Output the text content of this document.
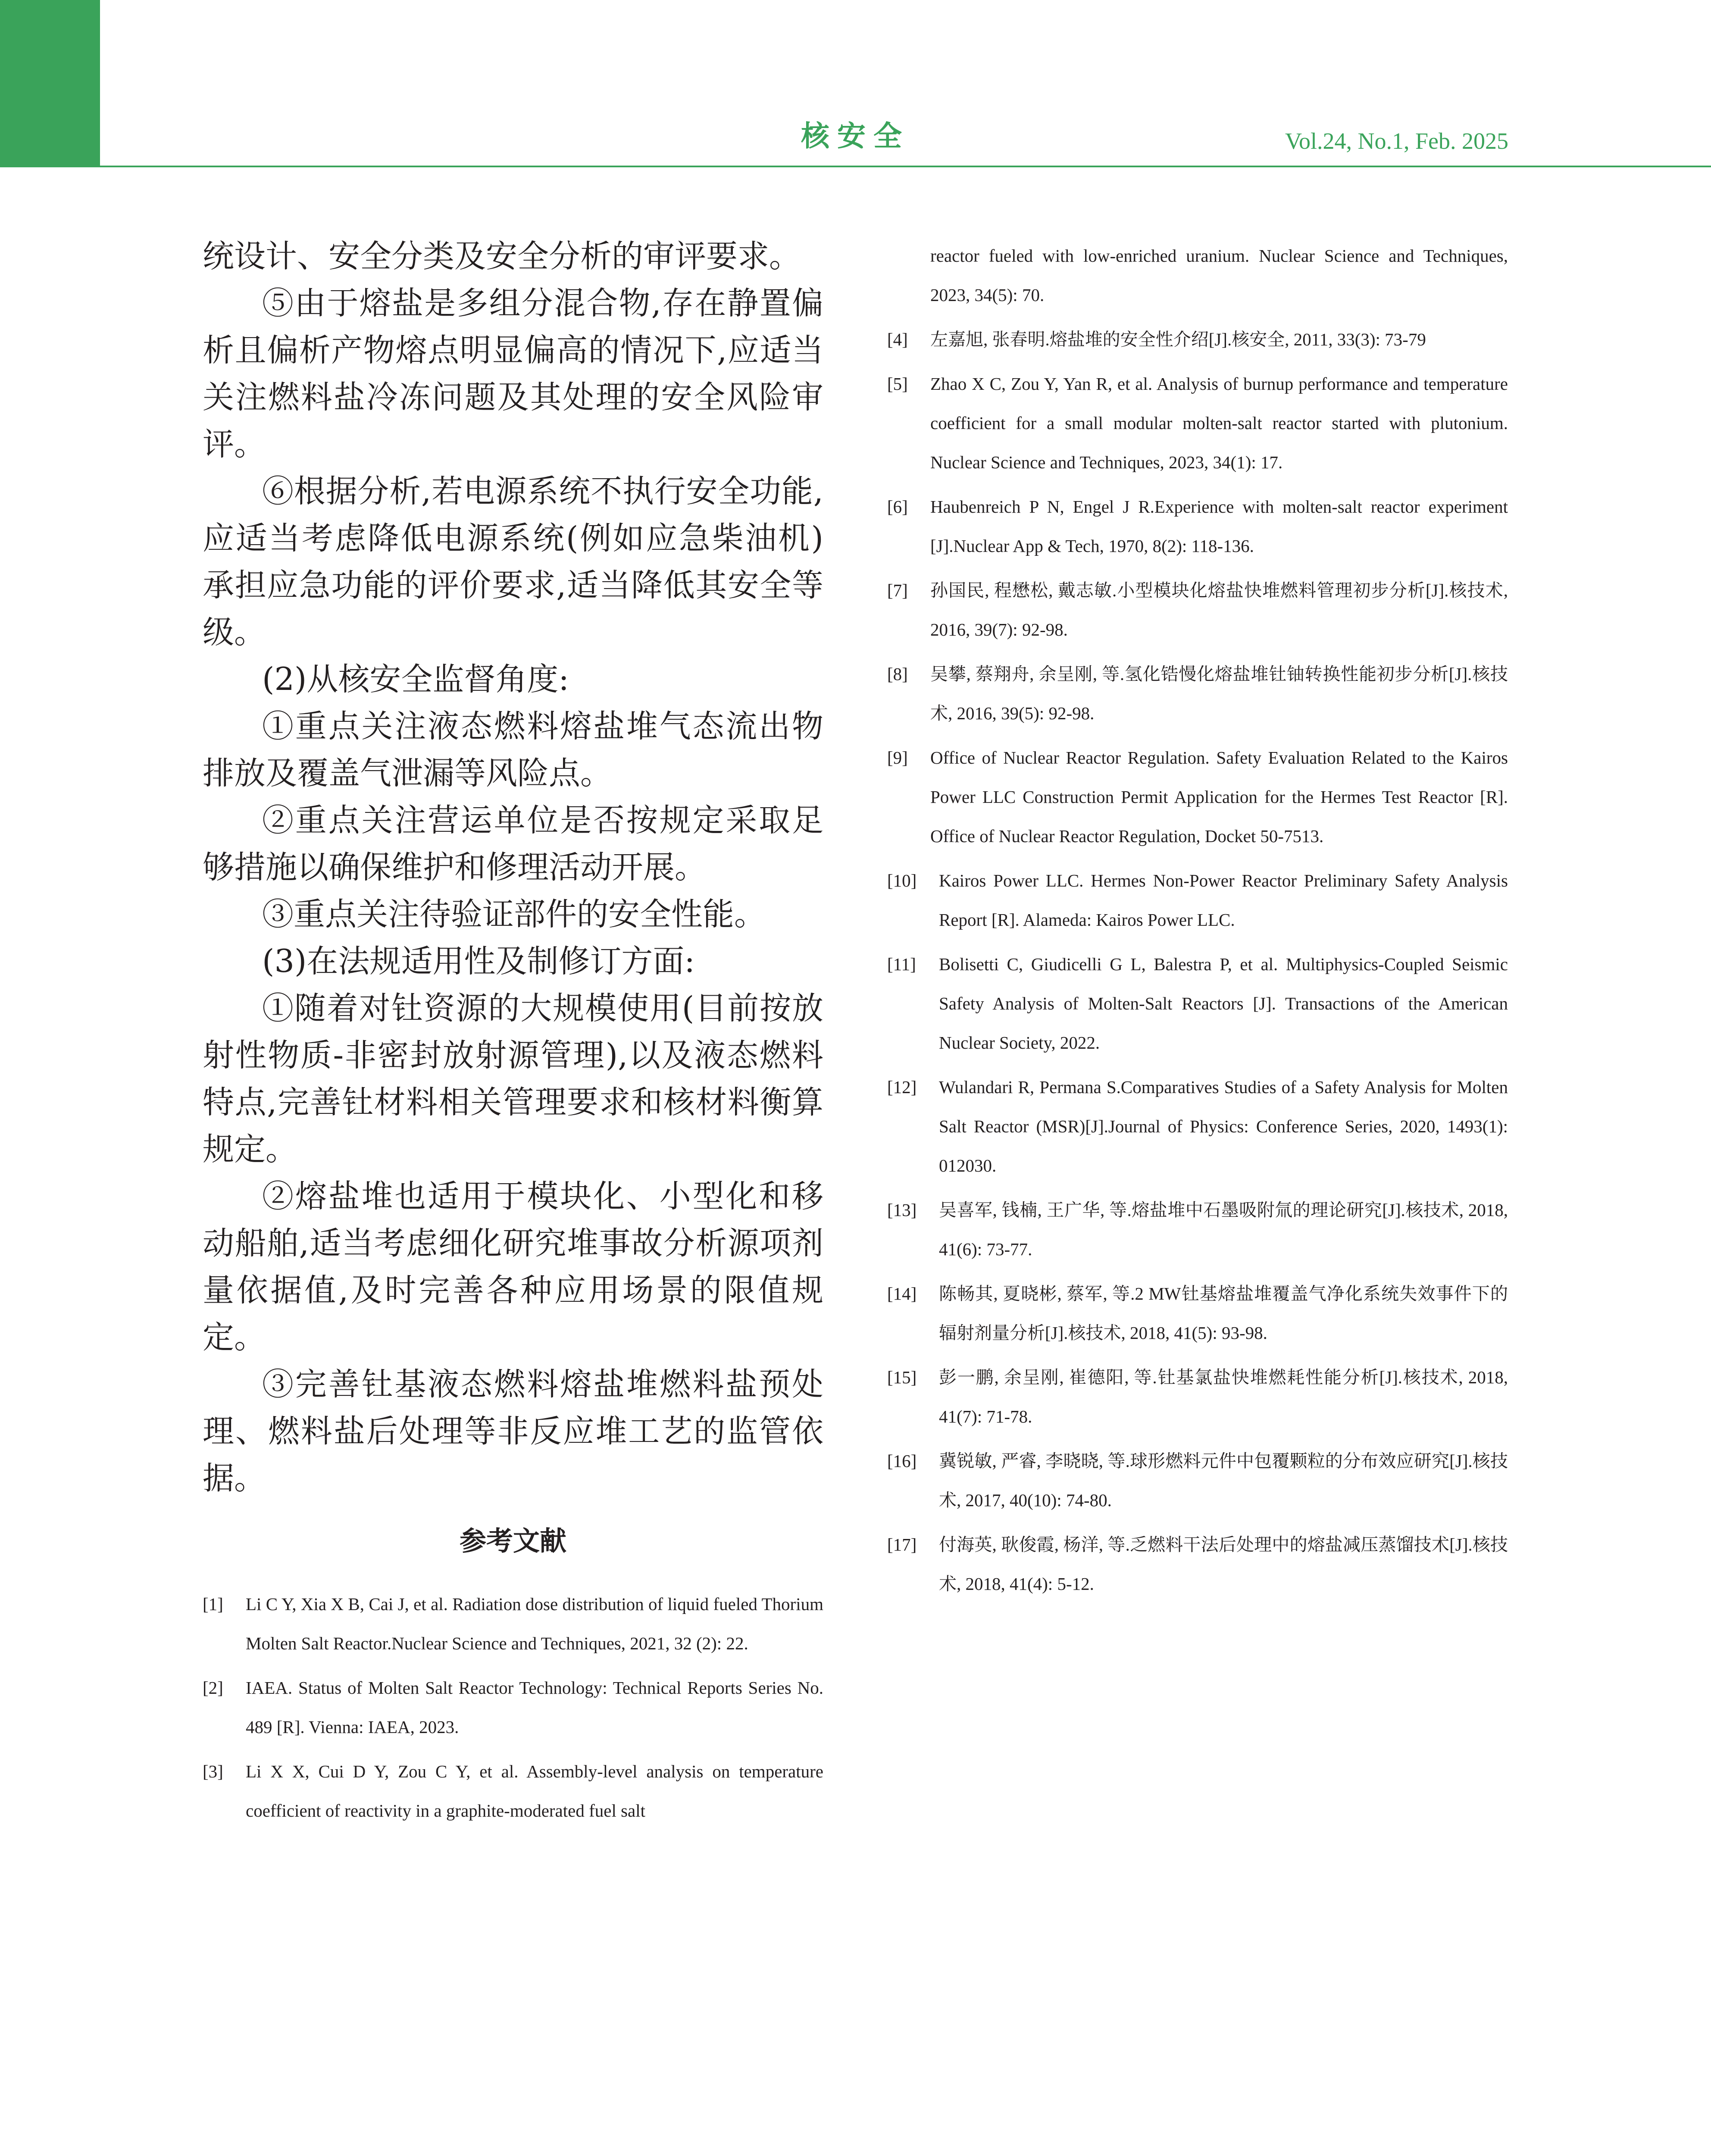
核安全	Vol.24, No.1, Feb. 2025

统设计、安全分类及安全分析的审评要求。

⑤由于熔盐是多组分混合物,存在静置偏析且偏析产物熔点明显偏高的情况下,应适当关注燃料盐冷冻问题及其处理的安全风险审评。

⑥根据分析,若电源系统不执行安全功能,应适当考虑降低电源系统(例如应急柴油机)承担应急功能的评价要求,适当降低其安全等级。

(2)从核安全监督角度:

①重点关注液态燃料熔盐堆气态流出物排放及覆盖气泄漏等风险点。

②重点关注营运单位是否按规定采取足够措施以确保维护和修理活动开展。

③重点关注待验证部件的安全性能。

(3)在法规适用性及制修订方面:

①随着对钍资源的大规模使用(目前按放射性物质-非密封放射源管理),以及液态燃料特点,完善钍材料相关管理要求和核材料衡算规定。

②熔盐堆也适用于模块化、小型化和移动船舶,适当考虑细化研究堆事故分析源项剂量依据值,及时完善各种应用场景的限值规定。

③完善钍基液态燃料熔盐堆燃料盐预处理、燃料盐后处理等非反应堆工艺的监管依据。

参考文献
[1] Li C Y, Xia X B, Cai J, et al. Radiation dose distribution of liquid fueled Thorium Molten Salt Reactor.Nuclear Science and Techniques, 2021, 32 (2): 22.
[2] IAEA. Status of Molten Salt Reactor Technology: Technical Reports Series No. 489 [R]. Vienna: IAEA, 2023.
[3] Li X X, Cui D Y, Zou C Y, et al. Assembly-level analysis on temperature coefficient of reactivity in a graphite-moderated fuel salt
reactor fueled with low-enriched uranium. Nuclear Science and Techniques, 2023, 34(5): 70.
[4] 左嘉旭, 张春明.熔盐堆的安全性介绍[J].核安全, 2011, 33(3): 73-79
[5] Zhao X C, Zou Y, Yan R, et al. Analysis of burnup performance and temperature coefficient for a small modular molten-salt reactor started with plutonium. Nuclear Science and Techniques, 2023, 34(1): 17.
[6] Haubenreich P N, Engel J R.Experience with molten-salt reactor experiment [J].Nuclear App & Tech, 1970, 8(2): 118-136.
[7] 孙国民, 程懋松, 戴志敏.小型模块化熔盐快堆燃料管理初步分析[J].核技术, 2016, 39(7): 92-98.
[8] 吴攀, 蔡翔舟, 余呈刚, 等.氢化锆慢化熔盐堆钍铀转换性能初步分析[J].核技术, 2016, 39(5): 92-98.
[9] Office of Nuclear Reactor Regulation. Safety Evaluation Related to the Kairos Power LLC Construction Permit Application for the Hermes Test Reactor [R]. Office of Nuclear Reactor Regulation, Docket 50-7513.
[10] Kairos Power LLC. Hermes Non-Power Reactor Preliminary Safety Analysis Report [R]. Alameda: Kairos Power LLC.
[11] Bolisetti C, Giudicelli G L, Balestra P, et al. Multiphysics-Coupled Seismic Safety Analysis of Molten-Salt Reactors [J]. Transactions of the American Nuclear Society, 2022.
[12] Wulandari R, Permana S.Comparatives Studies of a Safety Analysis for Molten Salt Reactor (MSR)[J].Journal of Physics: Conference Series, 2020, 1493(1): 012030.
[13] 吴喜军, 钱楠, 王广华, 等.熔盐堆中石墨吸附氚的理论研究[J].核技术, 2018, 41(6): 73-77.
[14] 陈畅其, 夏晓彬, 蔡军, 等.2 MW钍基熔盐堆覆盖气净化系统失效事件下的辐射剂量分析[J].核技术, 2018, 41(5): 93-98.
[15] 彭一鹏, 余呈刚, 崔德阳, 等.钍基氯盐快堆燃耗性能分析[J].核技术, 2018, 41(7): 71-78.
[16] 冀锐敏, 严睿, 李晓晓, 等.球形燃料元件中包覆颗粒的分布效应研究[J].核技术, 2017, 40(10): 74-80.
[17] 付海英, 耿俊霞, 杨洋, 等.乏燃料干法后处理中的熔盐减压蒸馏技术[J].核技术, 2018, 41(4): 5-12.
